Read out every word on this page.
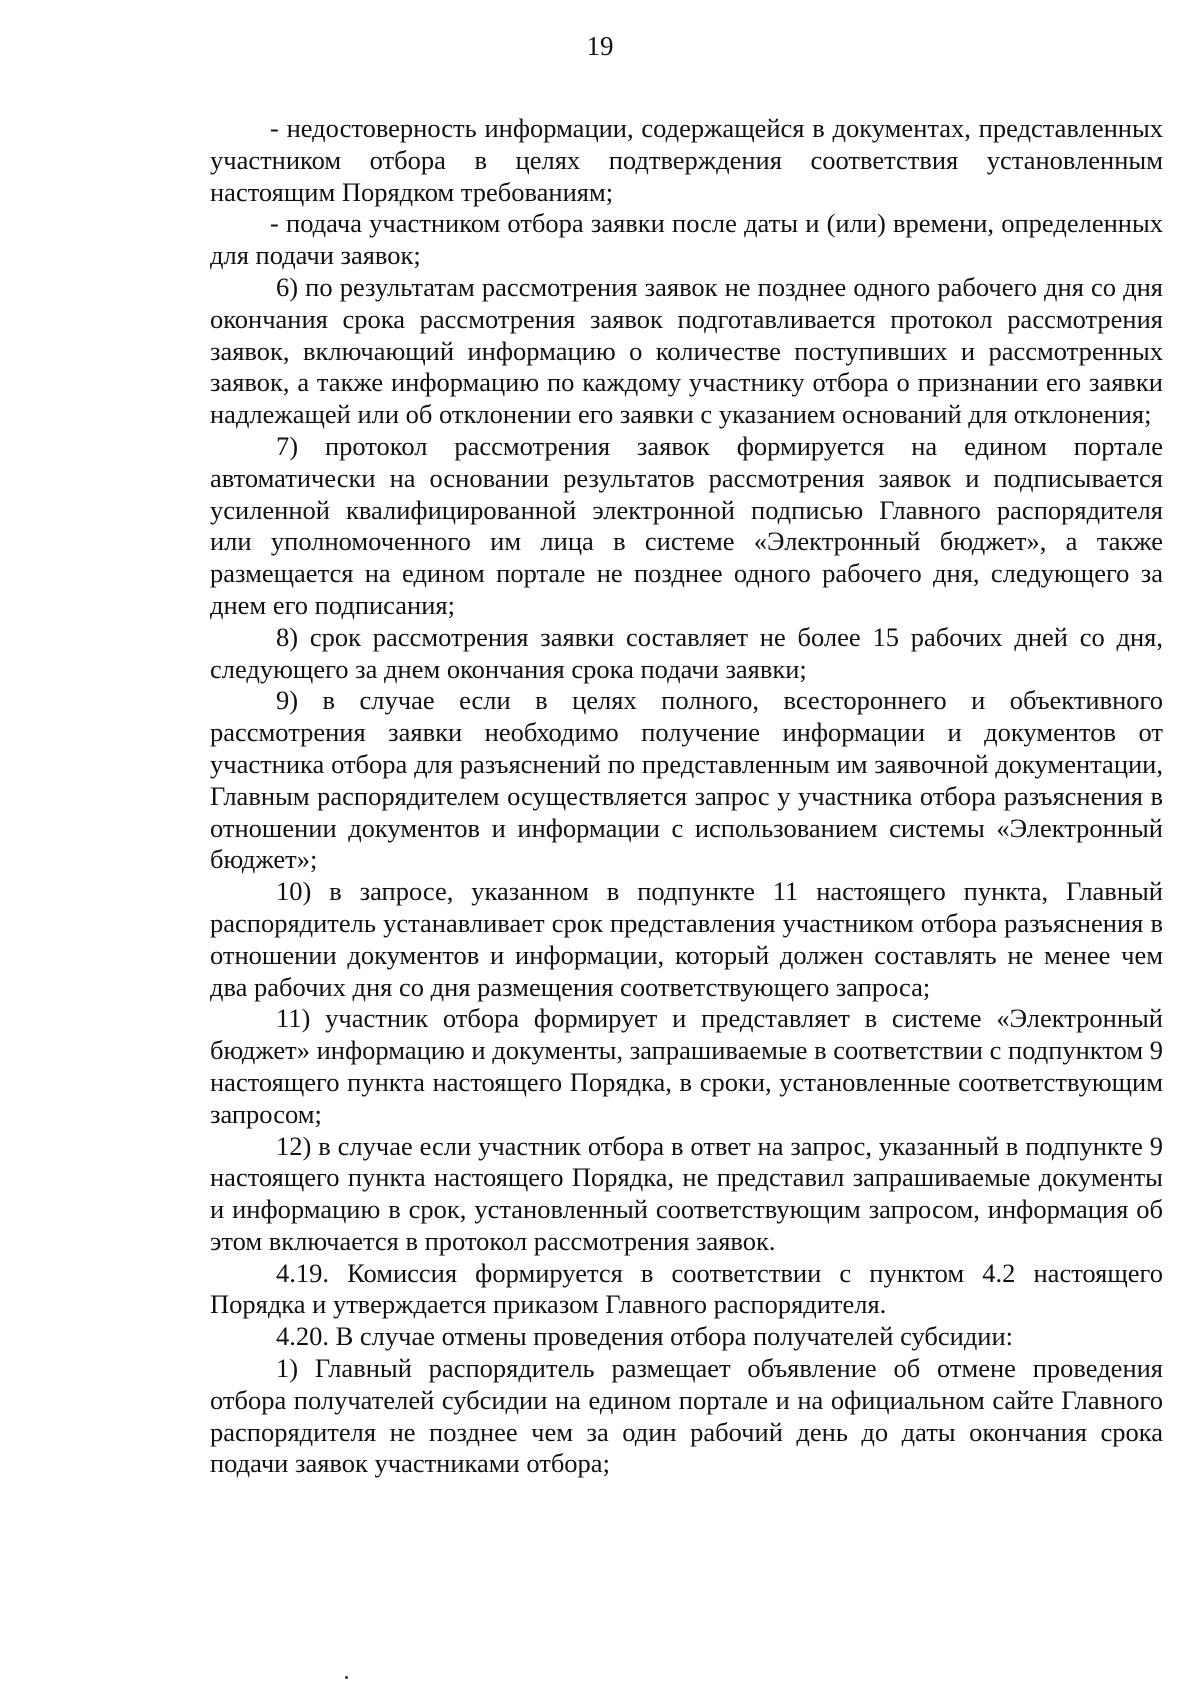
19

- недостоверность информации, содержащейся в документах, представленных участником отбора в целях подтверждения соответствия установленным настоящим Порядком требованиям;

- подача участником отбора заявки после даты и (или) времени, определенных для подачи заявок;

6) по результатам рассмотрения заявок не позднее одного рабочего дня со дня окончания срока рассмотрения заявок подготавливается протокол рассмотрения заявок, включающий информацию о количестве поступивших и рассмотренных заявок, а также информацию по каждому участнику отбора о признании его заявки надлежащей или об отклонении его заявки с указанием оснований для отклонения;

7) протокол рассмотрения заявок формируется на едином портале автоматически на основании результатов рассмотрения заявок и подписывается усиленной квалифицированной электронной подписью Главного распорядителя или уполномоченного им лица в системе «Электронный бюджет», а также размещается на едином портале не позднее одного рабочего дня, следующего за днем его подписания;

8) срок рассмотрения заявки составляет не более 15 рабочих дней со дня, следующего за днем окончания срока подачи заявки;

9) в случае если в целях полного, всестороннего и объективного рассмотрения заявки необходимо получение информации и документов от участника отбора для разъяснений по представленным им заявочной документации, Главным распорядителем осуществляется запрос у участника отбора разъяснения в отношении документов и информации с использованием системы «Электронный бюджет»;

10) в запросе, указанном в подпункте 11 настоящего пункта, Главный распорядитель устанавливает срок представления участником отбора разъяснения в отношении документов и информации, который должен составлять не менее чем два рабочих дня со дня размещения соответствующего запроса;

11) участник отбора формирует и представляет в системе «Электронный бюджет» информацию и документы, запрашиваемые в соответствии с подпунктом 9 настоящего пункта настоящего Порядка, в сроки, установленные соответствующим запросом;

12) в случае если участник отбора в ответ на запрос, указанный в подпункте 9 настоящего пункта настоящего Порядка, не представил запрашиваемые документы и информацию в срок, установленный соответствующим запросом, информация об этом включается в протокол рассмотрения заявок.

4.19. Комиссия формируется в соответствии с пунктом 4.2 настоящего Порядка и утверждается приказом Главного распорядителя.

4.20. В случае отмены проведения отбора получателей субсидии:

1) Главный распорядитель размещает объявление об отмене проведения отбора получателей субсидии на едином портале и на официальном сайте Главного распорядителя не позднее чем за один рабочий день до даты окончания срока подачи заявок участниками отбора;
